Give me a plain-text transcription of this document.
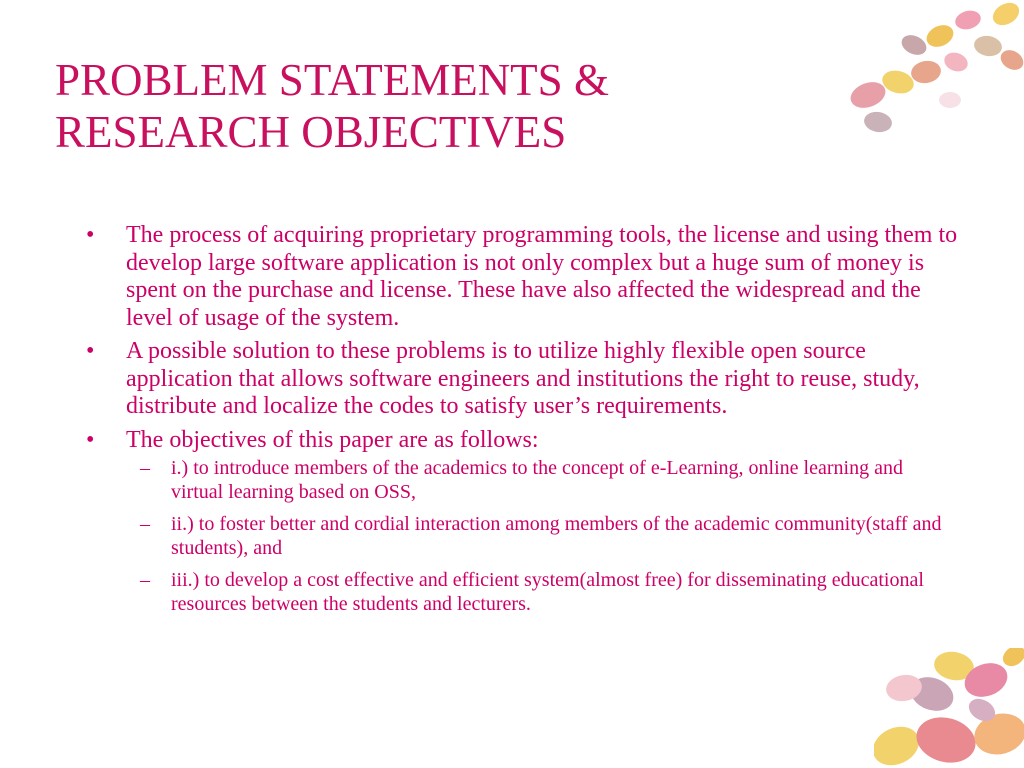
PROBLEM STATEMENTS &
RESEARCH OBJECTIVES
• The process of acquiring proprietary programming tools, the license and using them to develop large software application is not only complex but a huge sum of money is spent on the purchase and license. These have also affected the widespread and the level of usage of the system.
• A possible solution to these problems is to utilize highly flexible open source application that allows software engineers and institutions the right to reuse, study, distribute and localize the codes to satisfy user’s requirements.
• The objectives of this paper are as follows:
– i.) to introduce members of the academics to the concept of e-Learning, online learning and virtual learning based on OSS,
– ii.) to foster better and cordial interaction among members of the academic community(staff and students), and
– iii.) to develop a cost effective and efficient system(almost free) for disseminating educational resources between the students and lecturers.
